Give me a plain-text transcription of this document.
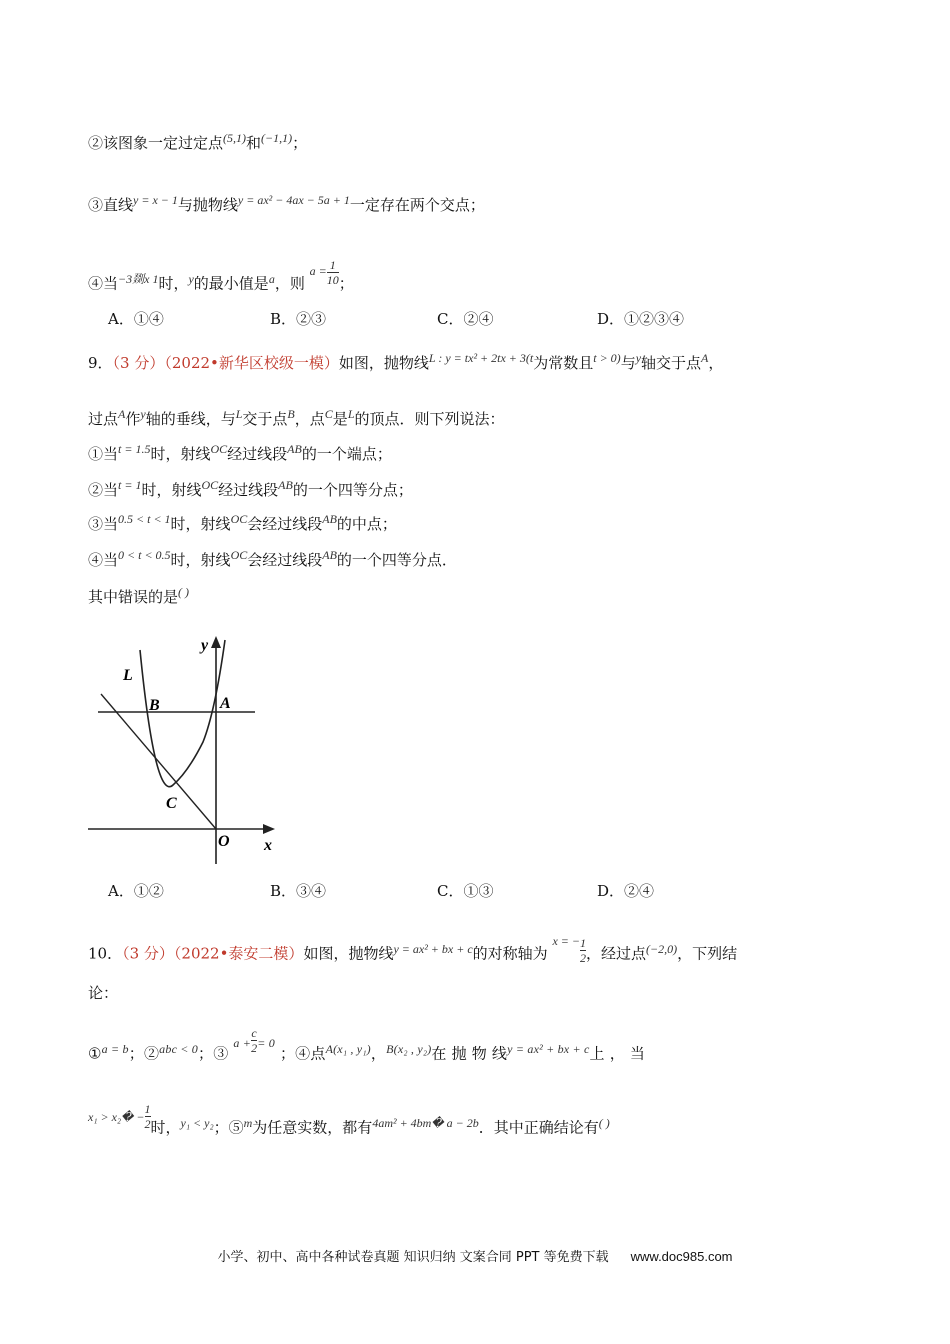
②该图象一定过定点$^{(5,1)}$和$^{(-1,1)}$；
③直线$^{y = x - 1}$与抛物线$^{y = ax^2 - 4ax - 5a + 1}$一定存在两个交点；
④当$^{-3剟x 1}$时，$^y$的最小值是$^a$，则 $^{a =} \frac{1}{10}$ ；
A．①④	B．②③	C．②④	D．①②③④
9．（3 分）（2022•新华区校级一模）如图，抛物线$^{L : y = tx^2 + 2tx + 3(t}$为常数且$^{t > 0)}$与$^y$轴交于点$^A$，
过点$^A$作$^y$轴的垂线，与$^L$交于点$^B$，点$^C$是$^L$的顶点．则下列说法：
①当$^{t = 1.5}$时，射线$^{OC}$经过线段$^{AB}$的一个端点；
②当$^{t = 1}$时，射线$^{OC}$经过线段$^{AB}$的一个四等分点；
③当$^{0.5 < t < 1}$时，射线$^{OC}$会经过线段$^{AB}$的中点；
④当$^{0 < t < 0.5}$时，射线$^{OC}$会经过线段$^{AB}$的一个四等分点．
其中错误的是( )
y
x
L
B	A
C
O
A．①②	B．③④	C．①③	D．②④
10．（3 分）（2022•泰安二模）如图，抛物线$^{y = ax^2 + bx + c}$的对称轴为 $^{x = -} \frac{1}{2}$ ，经过点$^{(-2,0)}$，下列结
论：
①$^{a = b}$；②$^{abc < 0}$；③ $^{a +} \frac{c}{2} ^{= 0}$ ；④点$^{A(x_1 , y_1)}$，$^{B(x_2 , y_2)}$在 抛 物 线$^{y = ax^2 + bx + c}$上 ， 当
$^{x_1 > x_2� -} \frac{1}{2}$ 时，$^{y_1 < y_2}$；⑤$^m$为任意实数，都有$^{4am^2 + 4bm� a - 2b}$．其中正确结论有( )
小学、初中、高中各种试卷真题 知识归纳 文案合同 PPT 等免费下载 www.doc985.com
